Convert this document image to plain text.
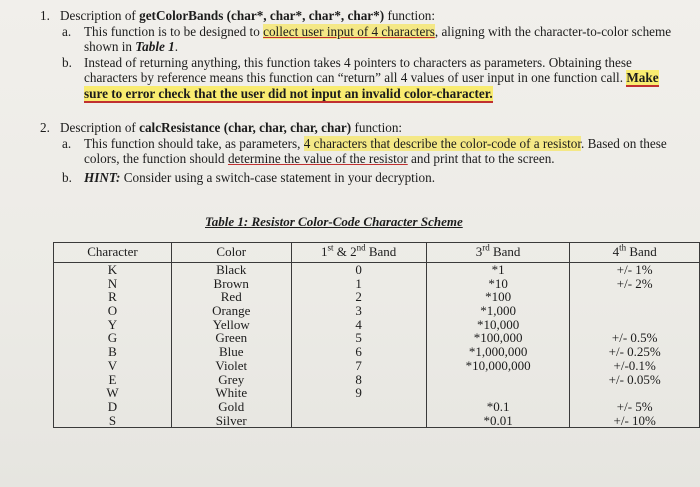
1. Description of getColorBands (char*, char*, char*, char*) function:
a. This function is to be designed to collect user input of 4 characters, aligning with the character-to-color scheme shown in Table 1.
b. Instead of returning anything, this function takes 4 pointers to characters as parameters. Obtaining these characters by reference means this function can “return” all 4 values of user input in one function call. Make sure to error check that the user did not input an invalid color-character.
2. Description of calcResistance (char, char, char, char) function:
a. This function should take, as parameters, 4 characters that describe the color-code of a resistor. Based on these colors, the function should determine the value of the resistor and print that to the screen.
b. HINT: Consider using a switch-case statement in your decryption.
Table 1: Resistor Color-Code Character Scheme
Character	Color	1st & 2nd Band	3rd Band	4th Band
K	Black	0	*1	+/- 1%
N	Brown	1	*10	+/- 2%
R	Red	2	*100	
O	Orange	3	*1,000	
Y	Yellow	4	*10,000	
G	Green	5	*100,000	+/- 0.5%
B	Blue	6	*1,000,000	+/- 0.25%
V	Violet	7	*10,000,000	+/-0.1%
E	Grey	8		+/- 0.05%
W	White	9		
D	Gold		*0.1	+/- 5%
S	Silver		*0.01	+/- 10%
